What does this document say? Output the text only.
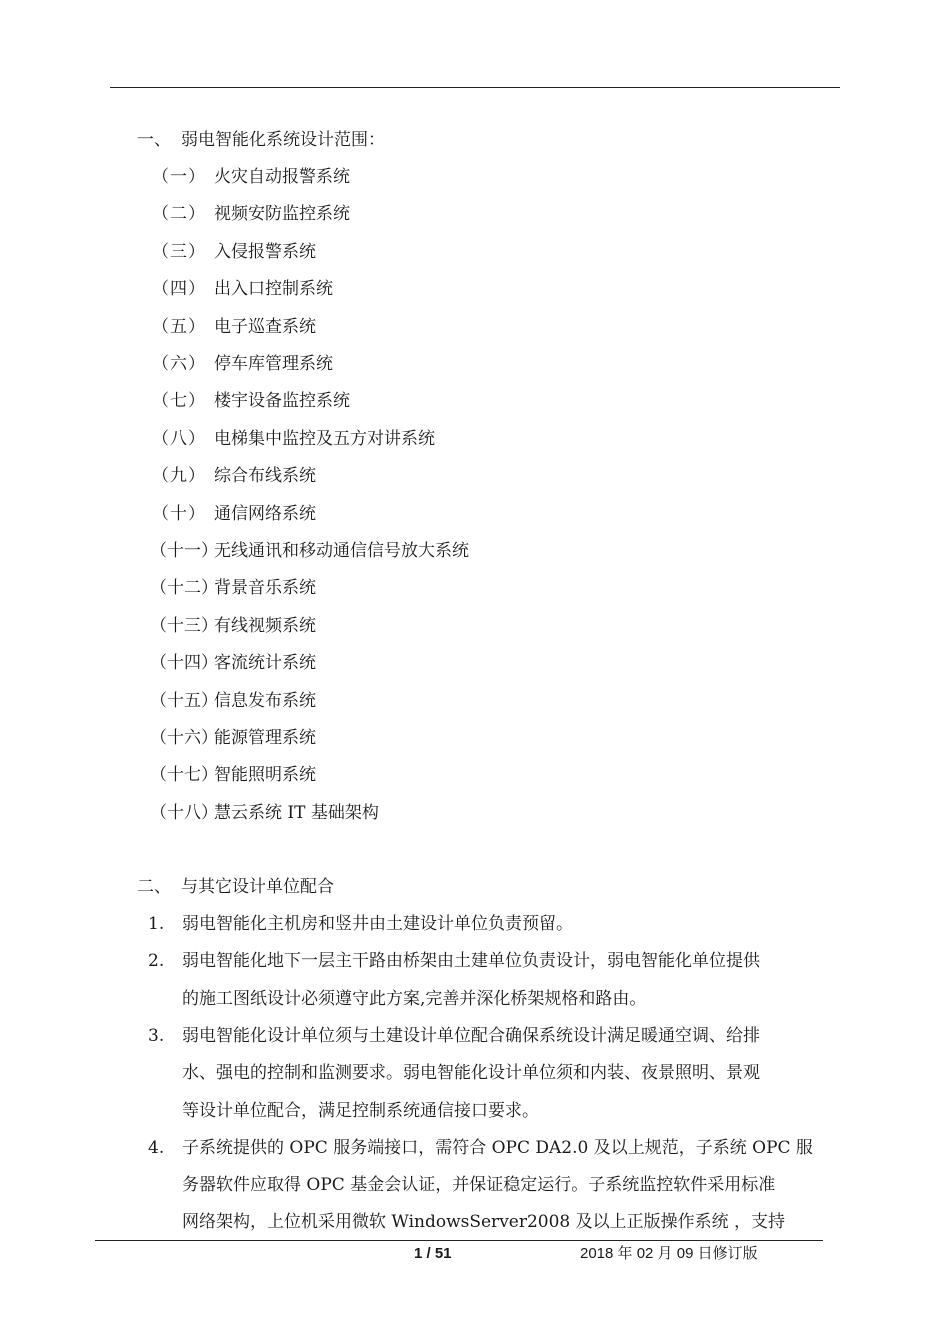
一、 弱电智能化系统设计范围：
（一） 火灾自动报警系统
（二） 视频安防监控系统
（三） 入侵报警系统
（四） 出入口控制系统
（五） 电子巡查系统
（六） 停车库管理系统
（七） 楼宇设备监控系统
（八） 电梯集中监控及五方对讲系统
（九） 综合布线系统
（十） 通信网络系统
（十一）
无线通讯和移动通信信号放大系统
（十二）
背景音乐系统
（十三）
有线视频系统
（十四）
客流统计系统
（十五）
信息发布系统
（十六）
能源管理系统
（十七）
智能照明系统
（十八）
慧云系统 IT 基础架构
二、 与其它设计单位配合
1. 弱电智能化主机房和竖井由土建设计单位负责预留。
2. 弱电智能化地下一层主干路由桥架由土建单位负责设计，弱电智能化单位提供
的施工图纸设计必须遵守此方案,完善并深化桥架规格和路由。
3. 弱电智能化设计单位须与土建设计单位配合确保系统设计满足暖通空调、给排
水、强电的控制和监测要求。弱电智能化设计单位须和内装、夜景照明、景观
等设计单位配合，满足控制系统通信接口要求。
4. 子系统提供的 OPC 服务端接口，需符合 OPC DA2.0 及以上规范，子系统 OPC 服
务器软件应取得 OPC 基金会认证，并保证稳定运行。子系统监控软件采用标准
网络架构，上位机采用微软 WindowsServer2008 及以上正版操作系统 ，支持
1 / 51	2018 年 02 月 09 日修订版
